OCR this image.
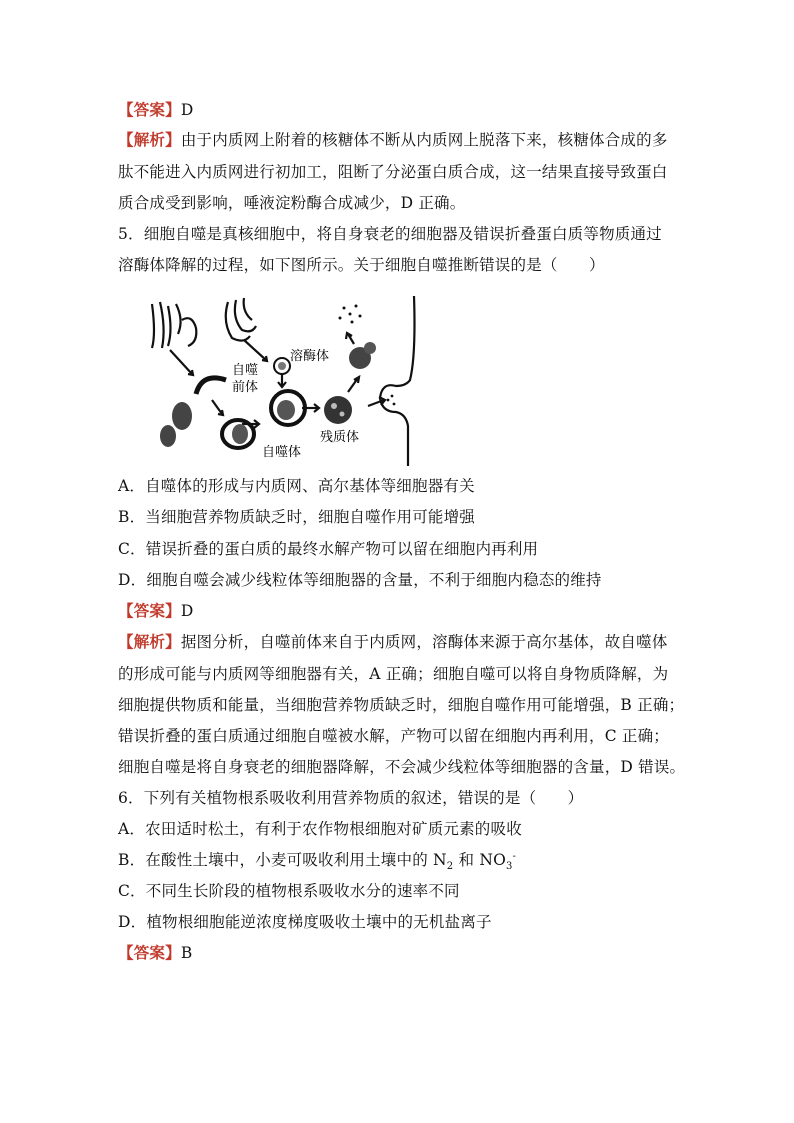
【答案】D
【解析】由于内质网上附着的核糖体不断从内质网上脱落下来，核糖体合成的多
肽不能进入内质网进行初加工，阻断了分泌蛋白质合成，这一结果直接导致蛋白
质合成受到影响，唾液淀粉酶合成减少，D 正确。
5．细胞自噬是真核细胞中，将自身衰老的细胞器及错误折叠蛋白质等物质通过
溶酶体降解的过程，如下图所示。关于细胞自噬推断错误的是（　　）
溶酶体
自噬
前体
自噬体
残质体
A．自噬体的形成与内质网、高尔基体等细胞器有关
B．当细胞营养物质缺乏时，细胞自噬作用可能增强
C．错误折叠的蛋白质的最终水解产物可以留在细胞内再利用
D．细胞自噬会减少线粒体等细胞器的含量，不利于细胞内稳态的维持
【答案】D
【解析】据图分析，自噬前体来自于内质网，溶酶体来源于高尔基体，故自噬体
的形成可能与内质网等细胞器有关，A 正确；细胞自噬可以将自身物质降解，为
细胞提供物质和能量，当细胞营养物质缺乏时，细胞自噬作用可能增强，B 正确；
错误折叠的蛋白质通过细胞自噬被水解，产物可以留在细胞内再利用，C 正确；
细胞自噬是将自身衰老的细胞器降解，不会减少线粒体等细胞器的含量，D 错误。
6．下列有关植物根系吸收利用营养物质的叙述，错误的是（　　）
A．农田适时松土，有利于农作物根细胞对矿质元素的吸收
B．在酸性土壤中，小麦可吸收利用土壤中的 $N_2$ 和 $NO_3^-$
C．不同生长阶段的植物根系吸收水分的速率不同
D．植物根细胞能逆浓度梯度吸收土壤中的无机盐离子
【答案】B
